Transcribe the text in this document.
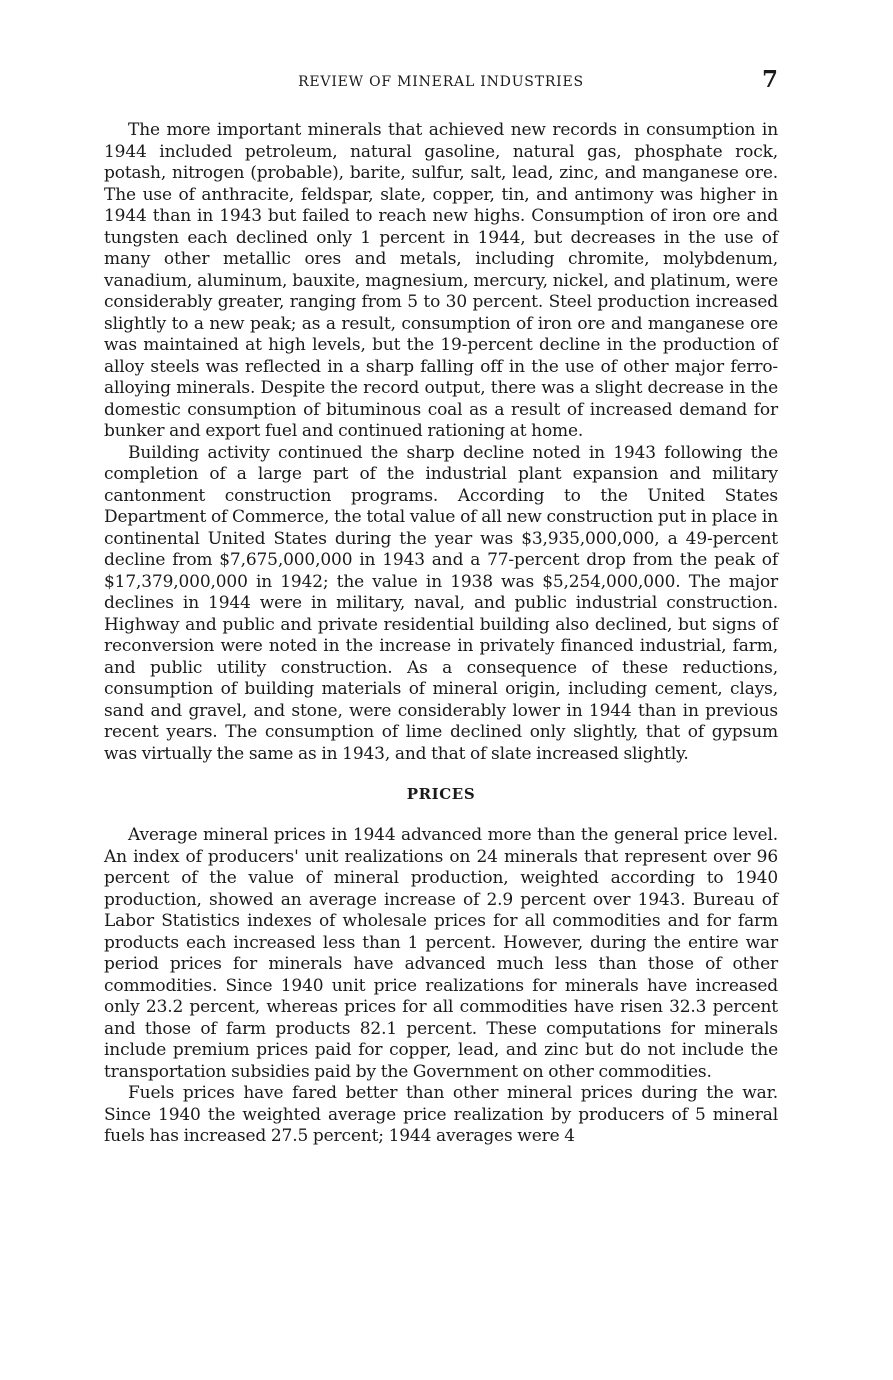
REVIEW OF MINERAL INDUSTRIES	7

The more important minerals that achieved new records in consumption in 1944 included petroleum, natural gasoline, natural gas, phosphate rock, potash, nitrogen (probable), barite, sulfur, salt, lead, zinc, and manganese ore. The use of anthracite, feldspar, slate, copper, tin, and antimony was higher in 1944 than in 1943 but failed to reach new highs. Consumption of iron ore and tungsten each declined only 1 percent in 1944, but decreases in the use of many other metallic ores and metals, including chromite, molybdenum, vanadium, aluminum, bauxite, magnesium, mercury, nickel, and platinum, were considerably greater, ranging from 5 to 30 percent. Steel production increased slightly to a new peak; as a result, consumption of iron ore and manganese ore was maintained at high levels, but the 19-percent decline in the production of alloy steels was reflected in a sharp falling off in the use of other major ferro-alloying minerals. Despite the record output, there was a slight decrease in the domestic consumption of bituminous coal as a result of increased demand for bunker and export fuel and continued rationing at home.

Building activity continued the sharp decline noted in 1943 following the completion of a large part of the industrial plant expansion and military cantonment construction programs. According to the United States Department of Commerce, the total value of all new construction put in place in continental United States during the year was $3,935,000,000, a 49-percent decline from $7,675,000,000 in 1943 and a 77-percent drop from the peak of $17,379,000,000 in 1942; the value in 1938 was $5,254,000,000. The major declines in 1944 were in military, naval, and public industrial construction. Highway and public and private residential building also declined, but signs of reconversion were noted in the increase in privately financed industrial, farm, and public utility construction. As a consequence of these reductions, consumption of building materials of mineral origin, including cement, clays, sand and gravel, and stone, were considerably lower in 1944 than in previous recent years. The consumption of lime declined only slightly, that of gypsum was virtually the same as in 1943, and that of slate increased slightly.

PRICES

Average mineral prices in 1944 advanced more than the general price level. An index of producers' unit realizations on 24 minerals that represent over 96 percent of the value of mineral production, weighted according to 1940 production, showed an average increase of 2.9 percent over 1943. Bureau of Labor Statistics indexes of wholesale prices for all commodities and for farm products each increased less than 1 percent. However, during the entire war period prices for minerals have advanced much less than those of other commodities. Since 1940 unit price realizations for minerals have increased only 23.2 percent, whereas prices for all commodities have risen 32.3 percent and those of farm products 82.1 percent. These computations for minerals include premium prices paid for copper, lead, and zinc but do not include the transportation subsidies paid by the Government on other commodities.

Fuels prices have fared better than other mineral prices during the war. Since 1940 the weighted average price realization by producers of 5 mineral fuels has increased 27.5 percent; 1944 averages were 4
